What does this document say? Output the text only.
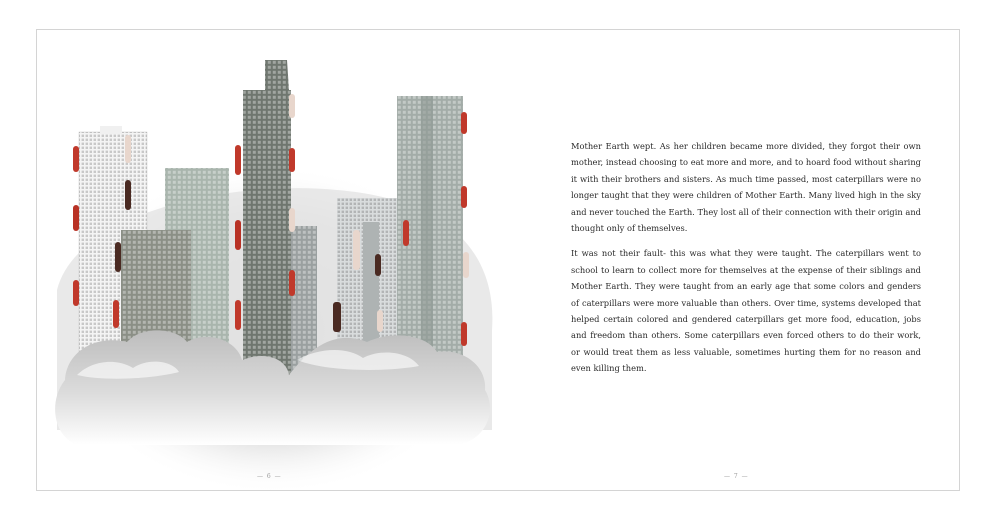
— 6 —

Mother Earth wept. As her children became more divided, they forgot their own mother, instead choosing to eat more and more, and to hoard food without sharing it with their brothers and sisters. As much time passed, most caterpillars were no longer taught that they were children of Mother Earth. Many lived high in the sky and never touched the Earth. They lost all of their connection with their origin and thought only of themselves.

It was not their fault- this was what they were taught. The caterpillars went to school to learn to collect more for themselves at the expense of their siblings and Mother Earth. They were taught from an early age that some colors and genders of caterpillars were more valuable than others. Over time, systems developed that helped certain colored and gendered caterpillars get more food, education, jobs and freedom than others. Some caterpillars even forced others to do their work, or would treat them as less valuable, sometimes hurting them for no reason and even killing them.

— 7 —
